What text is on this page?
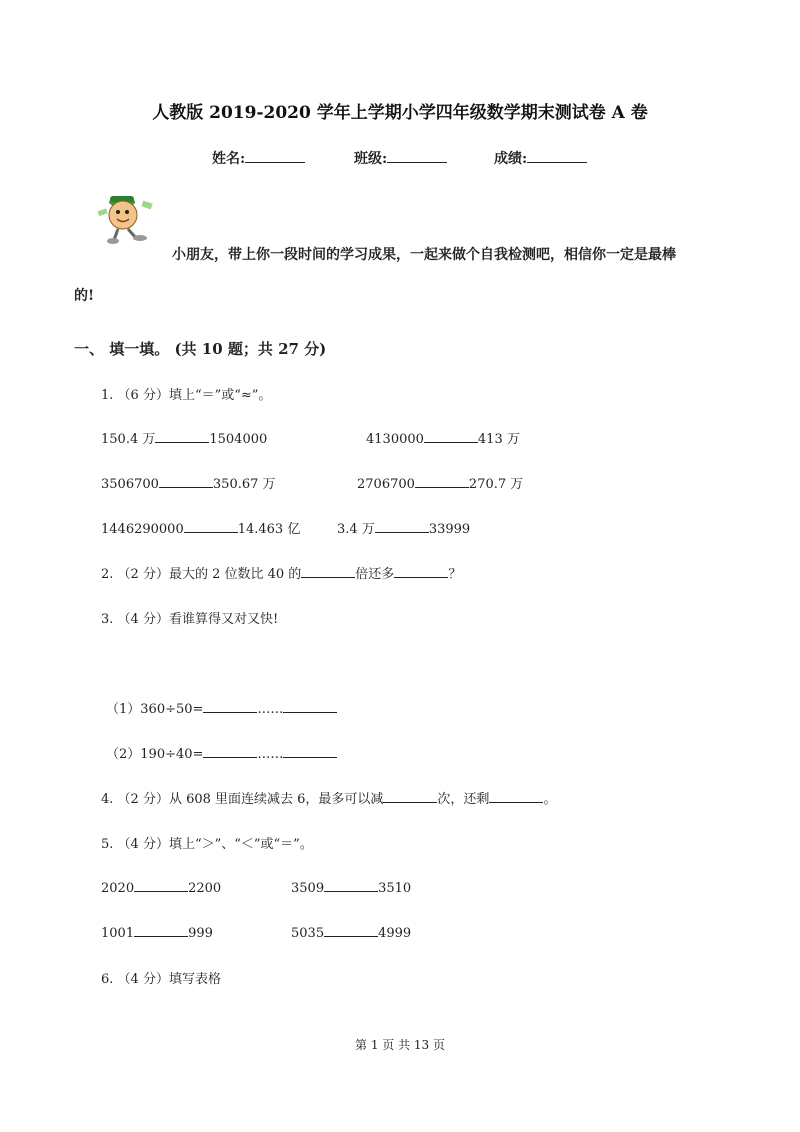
人教版 2019-2020 学年上学期小学四年级数学期末测试卷 A 卷
姓名:	班级:	成绩:
小朋友，带上你一段时间的学习成果，一起来做个自我检测吧，相信你一定是最棒
的!
一、 填一填。 (共 10 题；共 27 分)
1. （6 分）填上“＝”或“≈”。
150.4 万	1504000	4130000	413 万
3506700	350.67 万	2706700	270.7 万
1446290000	14.463 亿	3.4 万	33999
2. （2 分）最大的 2 位数比 40 的	倍还多	？
3. （4 分）看谁算得又对又快!
（1）360÷50=	……
（2）190÷40=	……
4. （2 分）从 608 里面连续减去 6，最多可以减	次，还剩	。
5. （4 分）填上“＞”、“＜”或“＝”。
2020	2200	3509	3510
1001	999	5035	4999
6. （4 分）填写表格
第 1 页 共 13 页
